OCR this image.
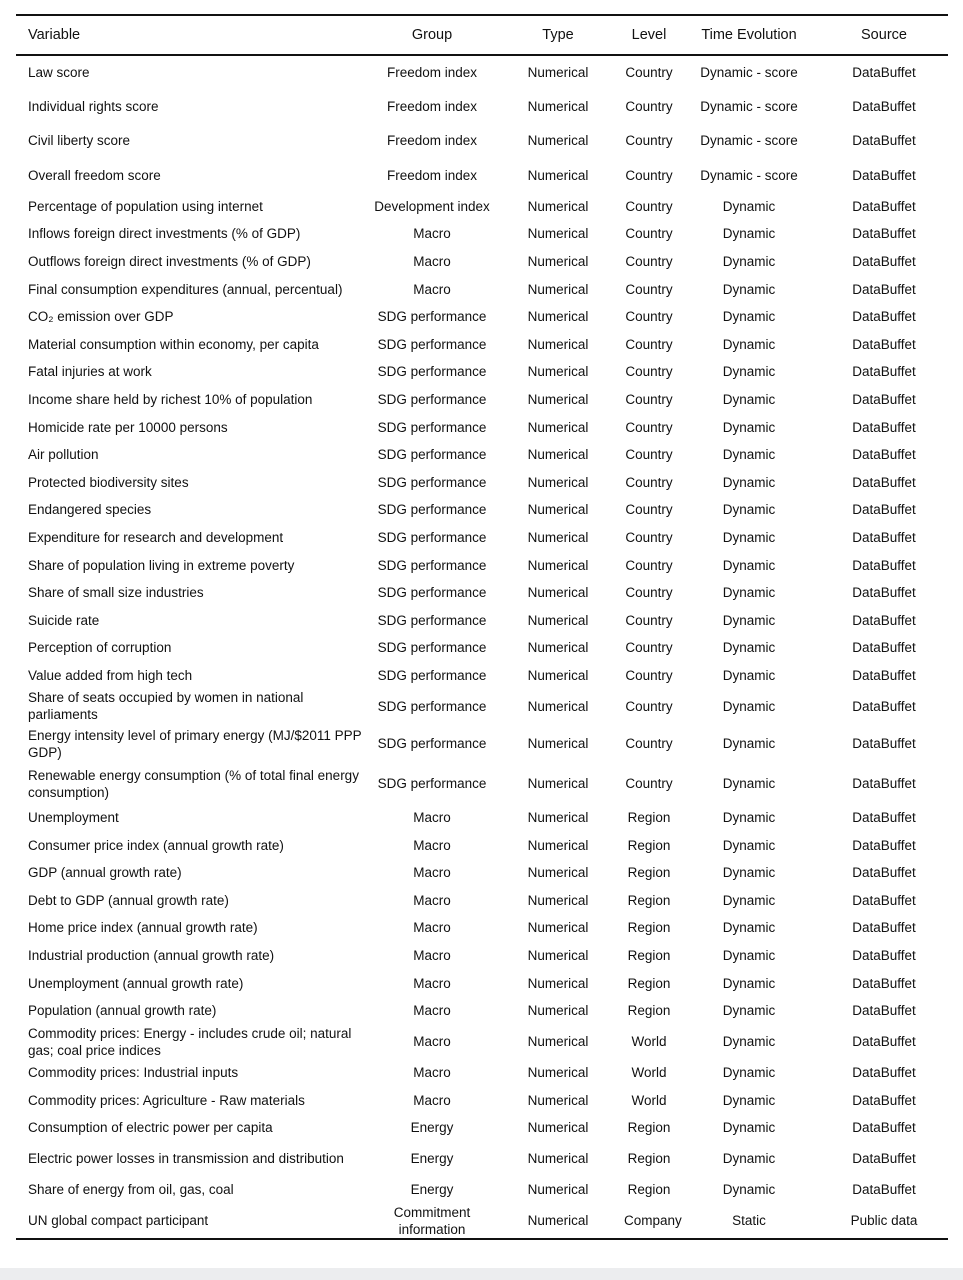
Variable	Group	Type	Level	Time Evolution	Source
Law score	Freedom index	Numerical	Country	Dynamic - score	DataBuffet
Individual rights score	Freedom index	Numerical	Country	Dynamic - score	DataBuffet
Civil liberty score	Freedom index	Numerical	Country	Dynamic - score	DataBuffet
Overall freedom score	Freedom index	Numerical	Country	Dynamic - score	DataBuffet
Percentage of population using internet	Development index	Numerical	Country	Dynamic	DataBuffet
Inflows foreign direct investments (% of GDP)	Macro	Numerical	Country	Dynamic	DataBuffet
Outflows foreign direct investments (% of GDP)	Macro	Numerical	Country	Dynamic	DataBuffet
Final consumption expenditures (annual, percentual)	Macro	Numerical	Country	Dynamic	DataBuffet
CO₂ emission over GDP	SDG performance	Numerical	Country	Dynamic	DataBuffet
Material consumption within economy, per capita	SDG performance	Numerical	Country	Dynamic	DataBuffet
Fatal injuries at work	SDG performance	Numerical	Country	Dynamic	DataBuffet
Income share held by richest 10% of population	SDG performance	Numerical	Country	Dynamic	DataBuffet
Homicide rate per 10000 persons	SDG performance	Numerical	Country	Dynamic	DataBuffet
Air pollution	SDG performance	Numerical	Country	Dynamic	DataBuffet
Protected biodiversity sites	SDG performance	Numerical	Country	Dynamic	DataBuffet
Endangered species	SDG performance	Numerical	Country	Dynamic	DataBuffet
Expenditure for research and development	SDG performance	Numerical	Country	Dynamic	DataBuffet
Share of population living in extreme poverty	SDG performance	Numerical	Country	Dynamic	DataBuffet
Share of small size industries	SDG performance	Numerical	Country	Dynamic	DataBuffet
Suicide rate	SDG performance	Numerical	Country	Dynamic	DataBuffet
Perception of corruption	SDG performance	Numerical	Country	Dynamic	DataBuffet
Value added from high tech	SDG performance	Numerical	Country	Dynamic	DataBuffet
Share of seats occupied by women in national parliaments	SDG performance	Numerical	Country	Dynamic	DataBuffet
Energy intensity level of primary energy (MJ/$2011 PPP GDP)	SDG performance	Numerical	Country	Dynamic	DataBuffet
Renewable energy consumption (% of total final energy consumption)	SDG performance	Numerical	Country	Dynamic	DataBuffet
Unemployment	Macro	Numerical	Region	Dynamic	DataBuffet
Consumer price index (annual growth rate)	Macro	Numerical	Region	Dynamic	DataBuffet
GDP (annual growth rate)	Macro	Numerical	Region	Dynamic	DataBuffet
Debt to GDP (annual growth rate)	Macro	Numerical	Region	Dynamic	DataBuffet
Home price index (annual growth rate)	Macro	Numerical	Region	Dynamic	DataBuffet
Industrial production (annual growth rate)	Macro	Numerical	Region	Dynamic	DataBuffet
Unemployment (annual growth rate)	Macro	Numerical	Region	Dynamic	DataBuffet
Population (annual growth rate)	Macro	Numerical	Region	Dynamic	DataBuffet
Commodity prices: Energy - includes crude oil; natural gas; coal price indices	Macro	Numerical	World	Dynamic	DataBuffet
Commodity prices: Industrial inputs	Macro	Numerical	World	Dynamic	DataBuffet
Commodity prices: Agriculture - Raw materials	Macro	Numerical	World	Dynamic	DataBuffet
Consumption of electric power per capita	Energy	Numerical	Region	Dynamic	DataBuffet
Electric power losses in transmission and distribution	Energy	Numerical	Region	Dynamic	DataBuffet
Share of energy from oil, gas, coal	Energy	Numerical	Region	Dynamic	DataBuffet
UN global compact participant	Commitment information	Numerical	Company	Static	Public data
